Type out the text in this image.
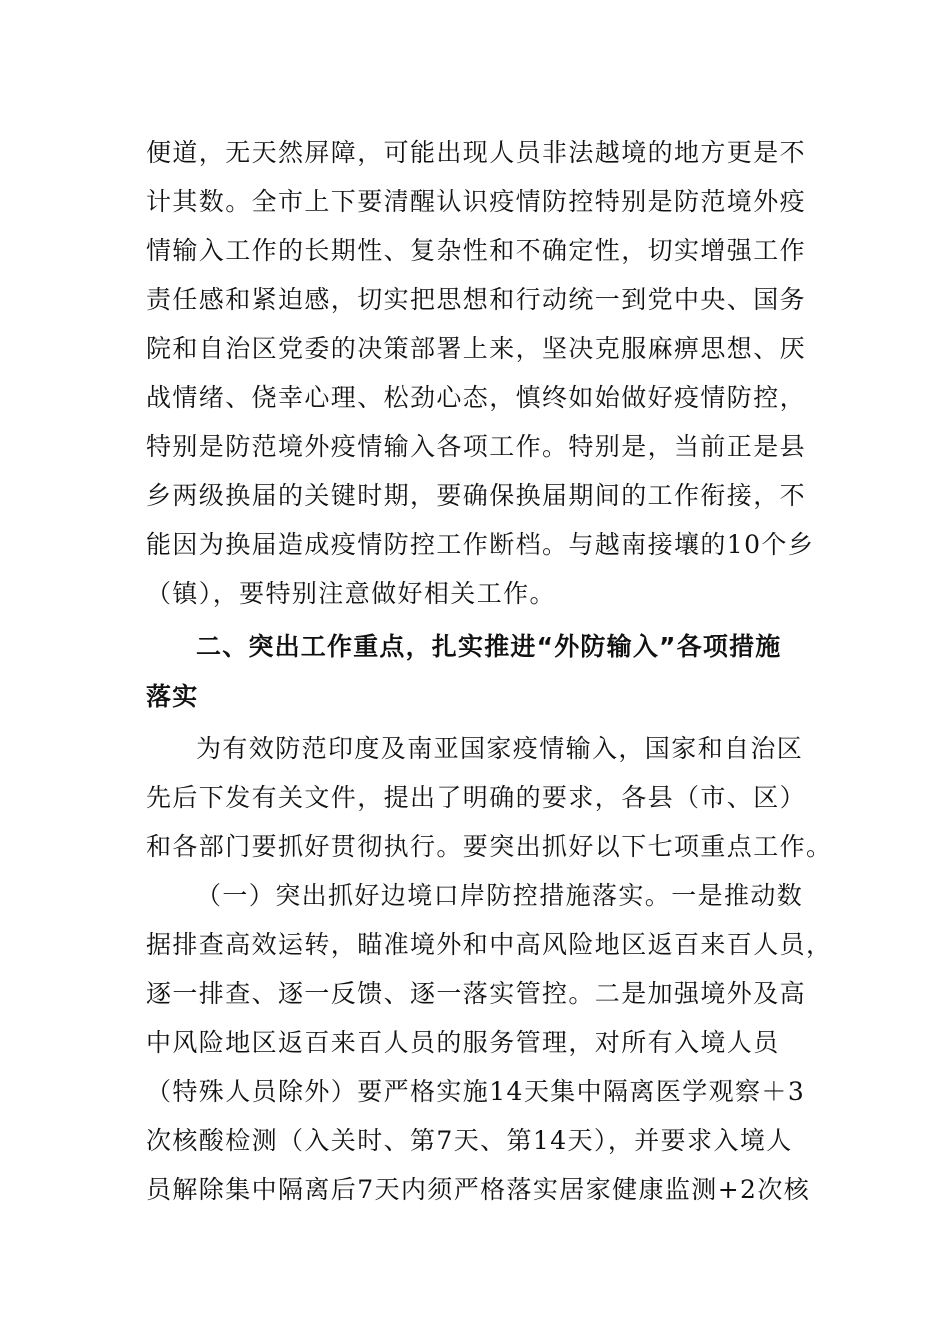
便道，无天然屏障，可能出现人员非法越境的地方更是不
计其数。全市上下要清醒认识疫情防控特别是防范境外疫
情输入工作的长期性、复杂性和不确定性，切实增强工作
责任感和紧迫感，切实把思想和行动统一到党中央、国务
院和自治区党委的决策部署上来，坚决克服麻痹思想、厌
战情绪、侥幸心理、松劲心态，慎终如始做好疫情防控，
特别是防范境外疫情输入各项工作。特别是，当前正是县
乡两级换届的关键时期，要确保换届期间的工作衔接，不
能因为换届造成疫情防控工作断档。与越南接壤的10个乡
（镇），要特别注意做好相关工作。
二、突出工作重点，扎实推进“外防输入”各项措施
落实
为有效防范印度及南亚国家疫情输入，国家和自治区
先后下发有关文件，提出了明确的要求，各县（市、区）
和各部门要抓好贯彻执行。要突出抓好以下七项重点工作。
（一）突出抓好边境口岸防控措施落实。一是推动数
据排查高效运转，瞄准境外和中高风险地区返百来百人员，
逐一排查、逐一反馈、逐一落实管控。二是加强境外及高
中风险地区返百来百人员的服务管理，对所有入境人员
（特殊人员除外）要严格实施14天集中隔离医学观察＋3
次核酸检测（入关时、第7天、第14天），并要求入境人
员解除集中隔离后7天内须严格落实居家健康监测+2次核
